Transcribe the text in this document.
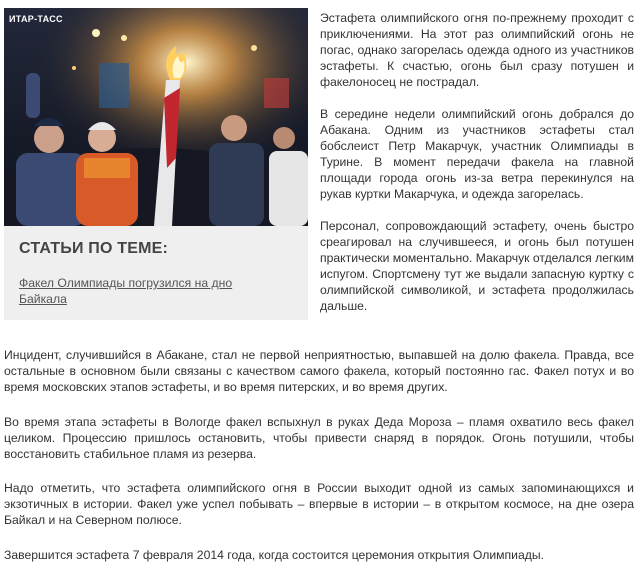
ИТАР-ТАСС
СТАТЬИ ПО ТЕМЕ:
Факел Олимпиады погрузился на дно Байкала

Эстафета олимпийского огня по-прежнему проходит с приключениями. На этот раз олимпийский огонь не погас, однако загорелась одежда одного из участников эстафеты. К счастью, огонь был сразу потушен и факелоносец не пострадал.

В середине недели олимпийский огонь добрался до Абакана. Одним из участников эстафеты стал бобслеист Петр Макарчук, участник Олимпиады в Турине. В момент передачи факела на главной площади города огонь из-за ветра перекинулся на рукав куртки Макарчука, и одежда загорелась.

Персонал, сопровождающий эстафету, очень быстро среагировал на случившееся, и огонь был потушен практически моментально. Макарчук отделался легким испугом. Спортсмену тут же выдали запасную куртку с олимпийской символикой, и эстафета продолжилась дальше.

Инцидент, случившийся в Абакане, стал не первой неприятностью, выпавшей на долю факела. Правда, все остальные в основном были связаны с качеством самого факела, который постоянно гас. Факел потух и во время московских этапов эстафеты, и во время питерских, и во время других.

Во время этапа эстафеты в Вологде факел вспыхнул в руках Деда Мороза – пламя охватило весь факел целиком. Процессию пришлось остановить, чтобы привести снаряд в порядок. Огонь потушили, чтобы восстановить стабильное пламя из резерва.

Надо отметить, что эстафета олимпийского огня в России выходит одной из самых запоминающихся и экзотичных в истории. Факел уже успел побывать – впервые в истории – в открытом космосе, на дне озера Байкал и на Северном полюсе.

Завершится эстафета 7 февраля 2014 года, когда состоится церемония открытия Олимпиады.
